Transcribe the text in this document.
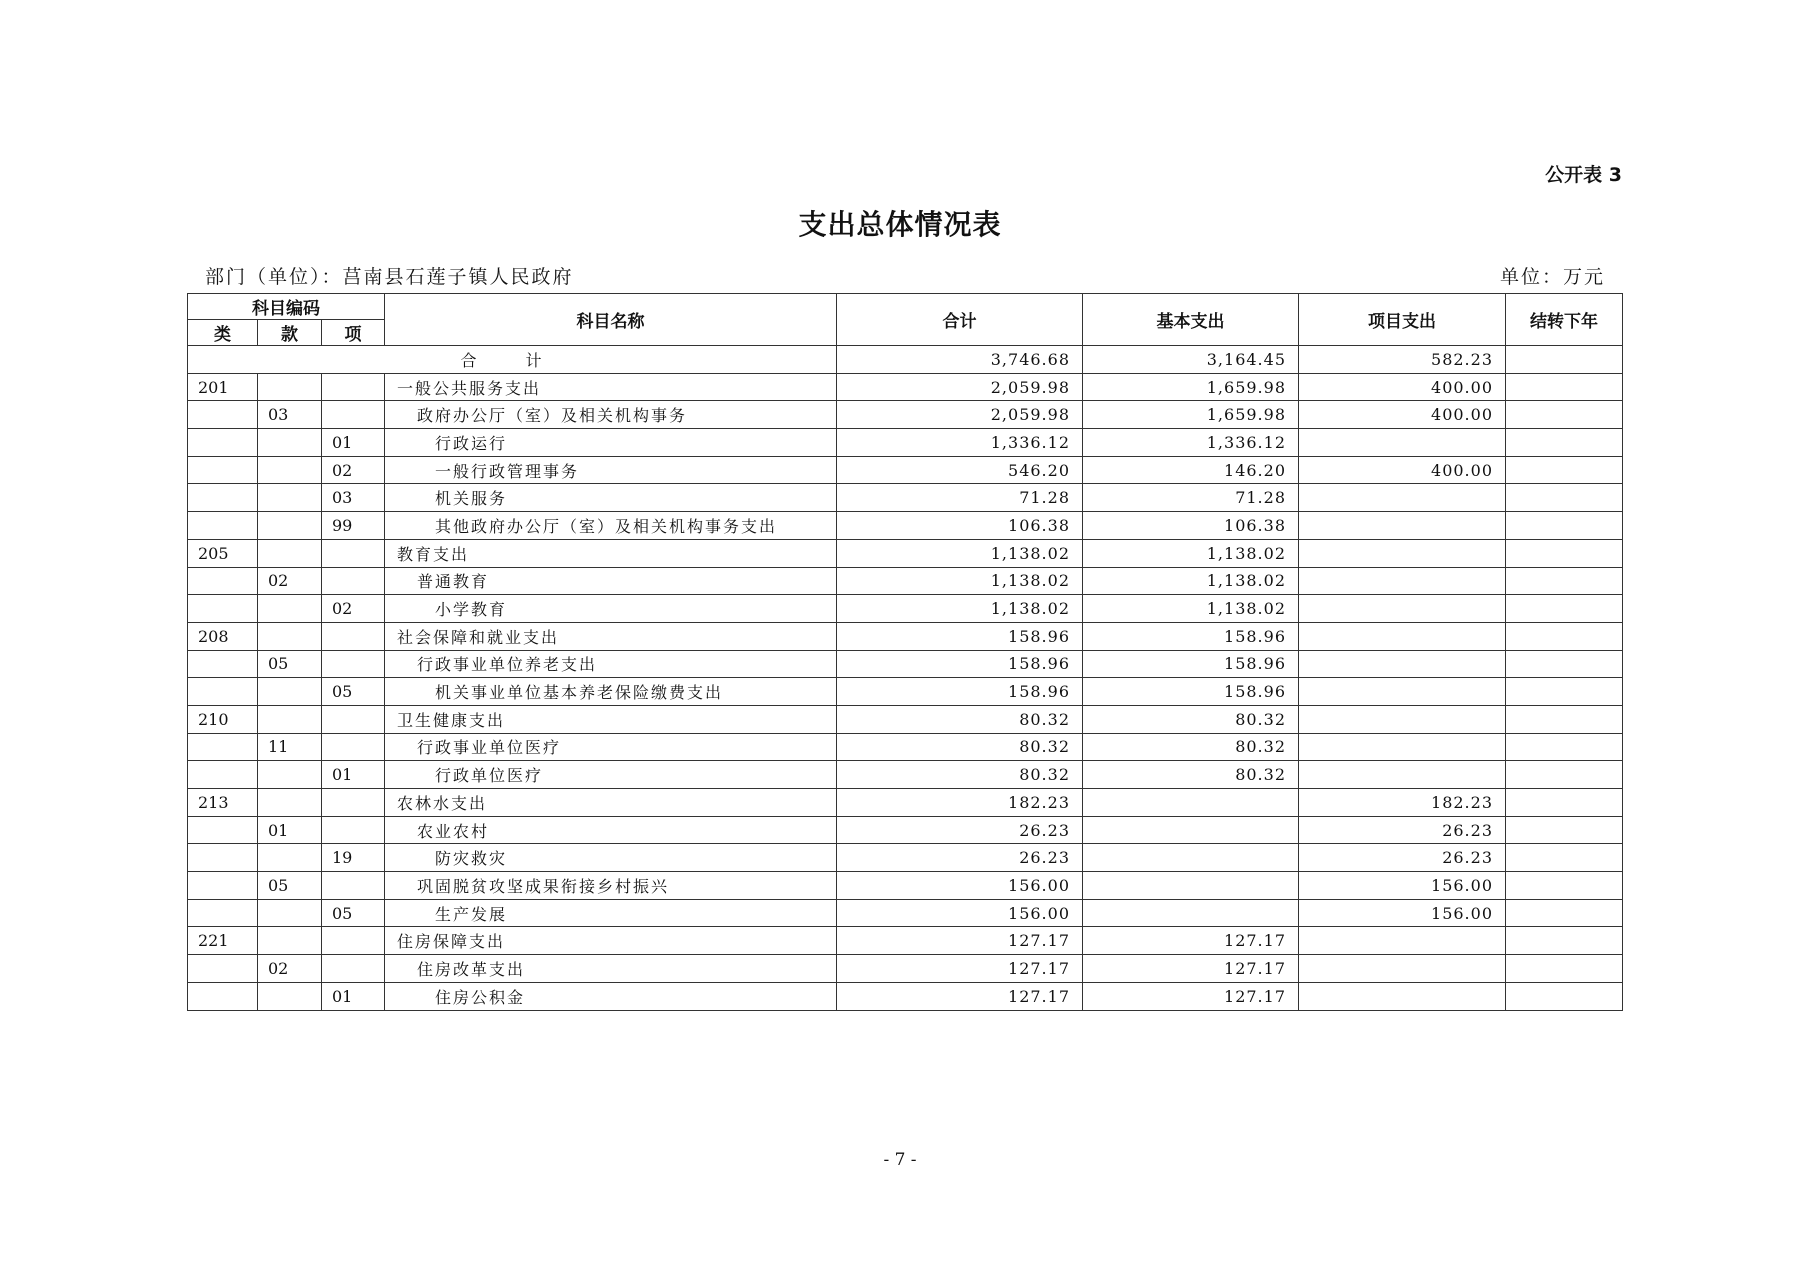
公开表 3
支出总体情况表
部门（单位）：莒南县石莲子镇人民政府	单位：万元
科目编码			科目名称	合计	基本支出	项目支出	结转下年
类	款	项					
合 计				3,746.68	3,164.45	582.23	
201			一般公共服务支出	2,059.98	1,659.98	400.00	
	03		政府办公厅（室）及相关机构事务	2,059.98	1,659.98	400.00	
		01	行政运行	1,336.12	1,336.12		
		02	一般行政管理事务	546.20	146.20	400.00	
		03	机关服务	71.28	71.28		
		99	其他政府办公厅（室）及相关机构事务支出	106.38	106.38		
205			教育支出	1,138.02	1,138.02		
	02		普通教育	1,138.02	1,138.02		
		02	小学教育	1,138.02	1,138.02		
208			社会保障和就业支出	158.96	158.96		
	05		行政事业单位养老支出	158.96	158.96		
		05	机关事业单位基本养老保险缴费支出	158.96	158.96		
210			卫生健康支出	80.32	80.32		
	11		行政事业单位医疗	80.32	80.32		
		01	行政单位医疗	80.32	80.32		
213			农林水支出	182.23		182.23	
	01		农业农村	26.23		26.23	
		19	防灾救灾	26.23		26.23	
	05		巩固脱贫攻坚成果衔接乡村振兴	156.00		156.00	
		05	生产发展	156.00		156.00	
221			住房保障支出	127.17	127.17		
	02		住房改革支出	127.17	127.17		
		01	住房公积金	127.17	127.17		
- 7 -
